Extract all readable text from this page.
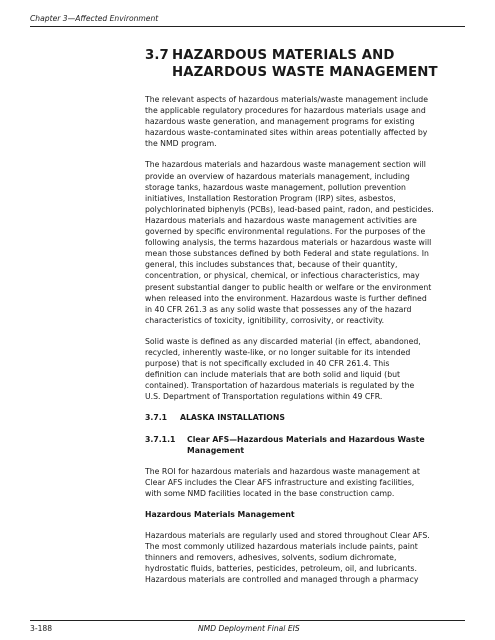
Chapter 3—Affected Environment
3.7 HAZARDOUS MATERIALS AND
HAZARDOUS WASTE MANAGEMENT

The relevant aspects of hazardous materials/waste management include
the applicable regulatory procedures for hazardous materials usage and
hazardous waste generation, and management programs for existing
hazardous waste-contaminated sites within areas potentially affected by
the NMD program.

The hazardous materials and hazardous waste management section will
provide an overview of hazardous materials management, including
storage tanks, hazardous waste management, pollution prevention
initiatives, Installation Restoration Program (IRP) sites, asbestos,
polychlorinated biphenyls (PCBs), lead-based paint, radon, and pesticides.
Hazardous materials and hazardous waste management activities are
governed by specific environmental regulations. For the purposes of the
following analysis, the terms hazardous materials or hazardous waste will
mean those substances defined by both Federal and state regulations. In
general, this includes substances that, because of their quantity,
concentration, or physical, chemical, or infectious characteristics, may
present substantial danger to public health or welfare or the environment
when released into the environment. Hazardous waste is further defined
in 40 CFR 261.3 as any solid waste that possesses any of the hazard
characteristics of toxicity, ignitibility, corrosivity, or reactivity.

Solid waste is defined as any discarded material (in effect, abandoned,
recycled, inherently waste-like, or no longer suitable for its intended
purpose) that is not specifically excluded in 40 CFR 261.4. This
definition can include materials that are both solid and liquid (but
contained). Transportation of hazardous materials is regulated by the
U.S. Department of Transportation regulations within 49 CFR.

3.7.1	ALASKA INSTALLATIONS
3.7.1.1	Clear AFS—Hazardous Materials and Hazardous Waste
Management

The ROI for hazardous materials and hazardous waste management at
Clear AFS includes the Clear AFS infrastructure and existing facilities,
with some NMD facilities located in the base construction camp.

Hazardous Materials Management

Hazardous materials are regularly used and stored throughout Clear AFS.
The most commonly utilized hazardous materials include paints, paint
thinners and removers, adhesives, solvents, sodium dichromate,
hydrostatic fluids, batteries, pesticides, petroleum, oil, and lubricants.
Hazardous materials are controlled and managed through a pharmacy

3-188	NMD Deployment Final EIS
